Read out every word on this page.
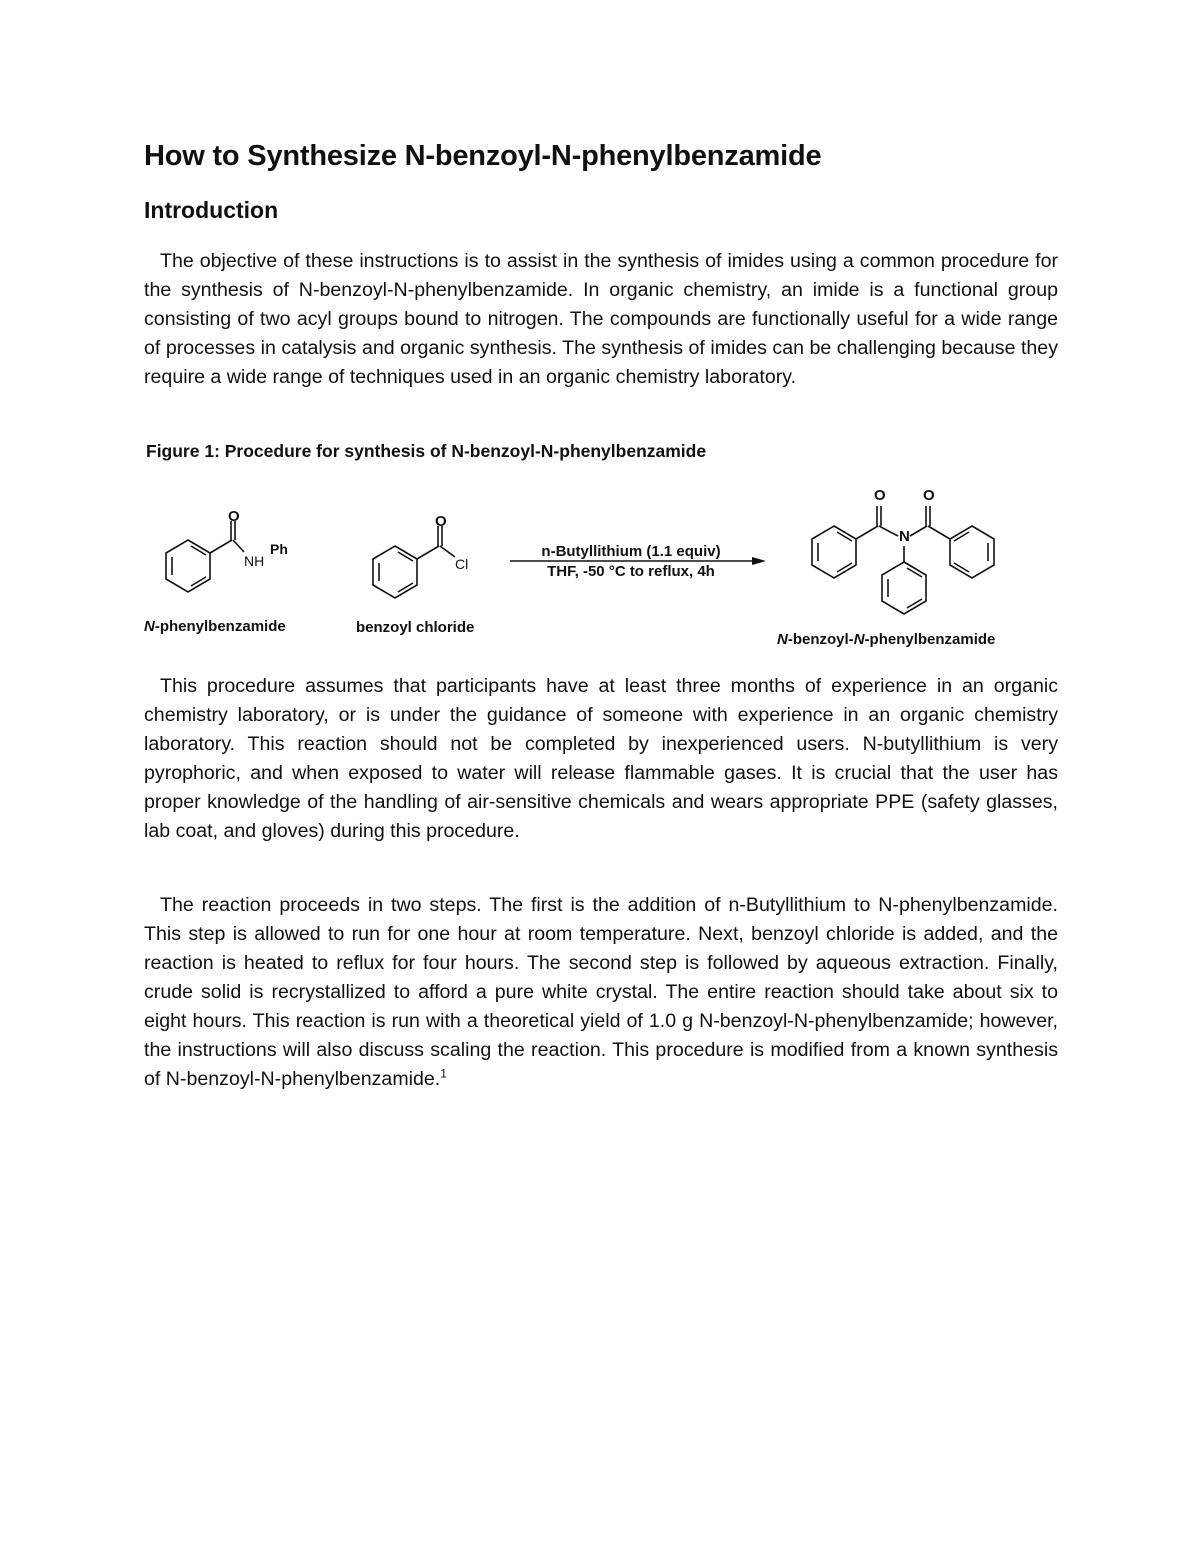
How to Synthesize N-benzoyl-N-phenylbenzamide
Introduction

The objective of these instructions is to assist in the synthesis of imides using a common procedure for the synthesis of N-benzoyl-N-phenylbenzamide. In organic chemistry, an imide is a functional group consisting of two acyl groups bound to nitrogen. The compounds are functionally useful for a wide range of processes in catalysis and organic synthesis. The synthesis of imides can be challenging because they require a wide range of techniques used in an organic chemistry laboratory.

Figure 1: Procedure for synthesis of N-benzoyl-N-phenylbenzamide

O
NH
Ph
O
Cl
O O
N
n-Butyllithium (1.1 equiv)
THF, -50 °C to reflux, 4h
N-phenylbenzamide	benzoyl chloride
N-benzoyl-N-phenylbenzamide

This procedure assumes that participants have at least three months of experience in an organic chemistry laboratory, or is under the guidance of someone with experience in an organic chemistry laboratory. This reaction should not be completed by inexperienced users. N-butyllithium is very pyrophoric, and when exposed to water will release flammable gases. It is crucial that the user has proper knowledge of the handling of air-sensitive chemicals and wears appropriate PPE (safety glasses, lab coat, and gloves) during this procedure.

The reaction proceeds in two steps. The first is the addition of n-Butyllithium to N-phenylbenzamide. This step is allowed to run for one hour at room temperature. Next, benzoyl chloride is added, and the reaction is heated to reflux for four hours. The second step is followed by aqueous extraction. Finally, crude solid is recrystallized to afford a pure white crystal. The entire reaction should take about six to eight hours. This reaction is run with a theoretical yield of 1.0 g N-benzoyl-N-phenylbenzamide; however, the instructions will also discuss scaling the reaction. This procedure is modified from a known synthesis of N-benzoyl-N-phenylbenzamide.$^1$
